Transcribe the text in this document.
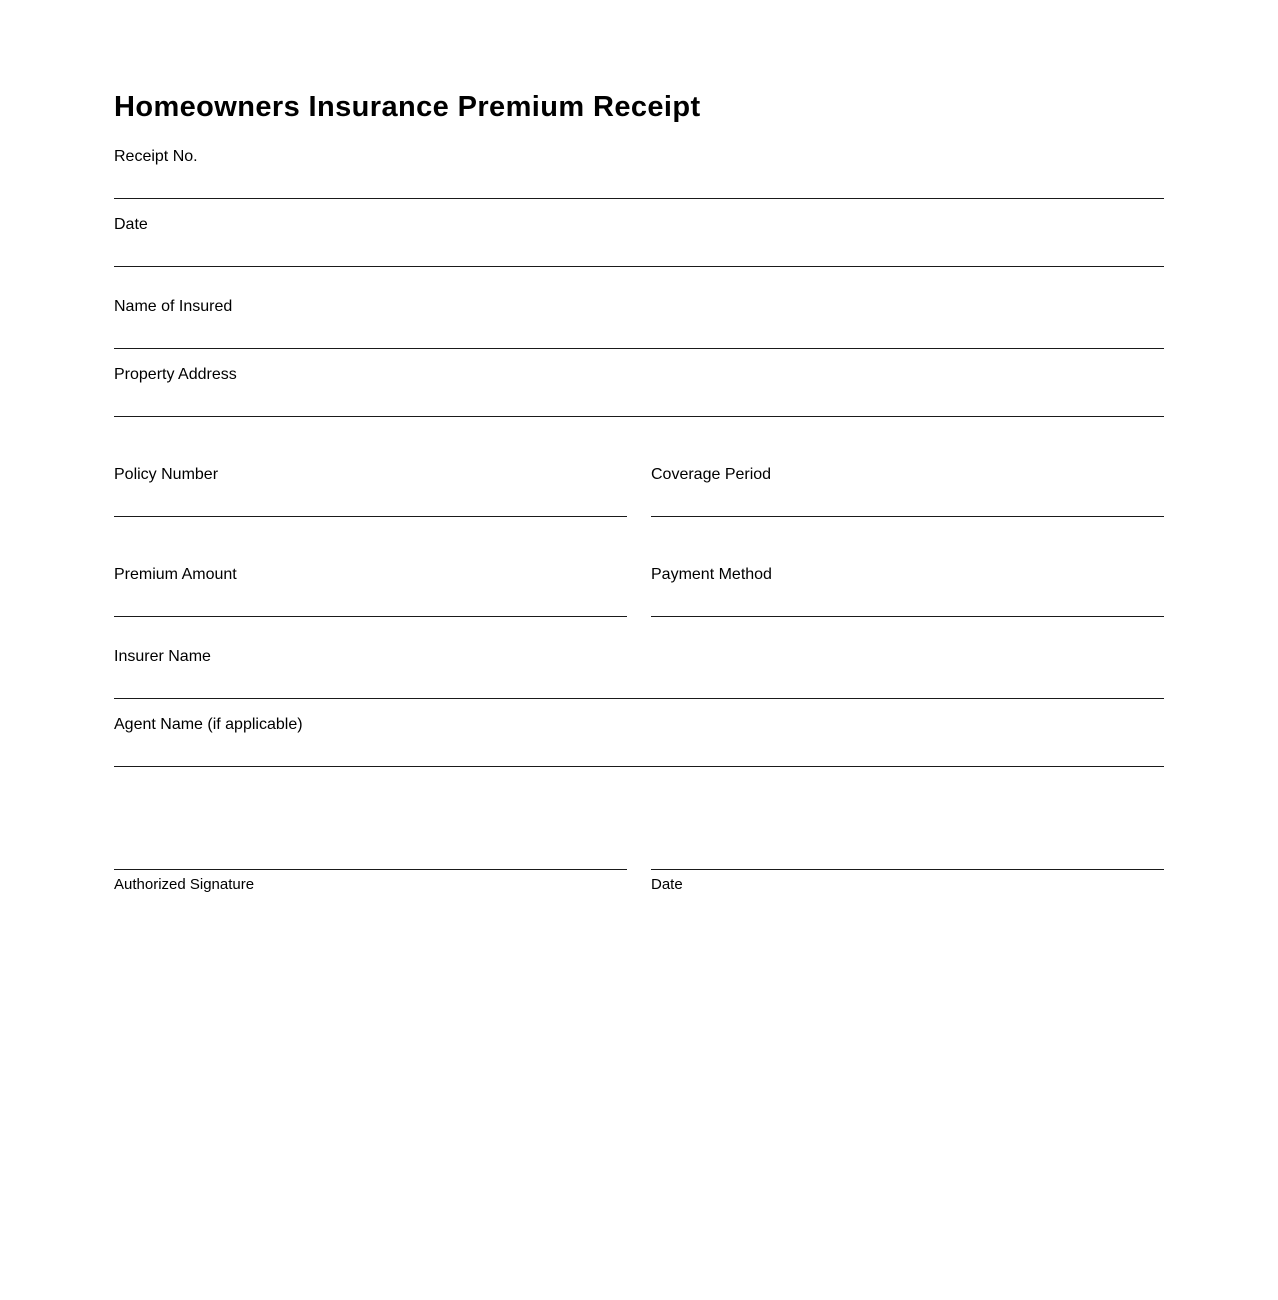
Homeowners Insurance Premium Receipt
Receipt No.
Date
Name of Insured
Property Address
Policy Number	Coverage Period
Premium Amount	Payment Method
Insurer Name
Agent Name (if applicable)
Authorized Signature	Date
